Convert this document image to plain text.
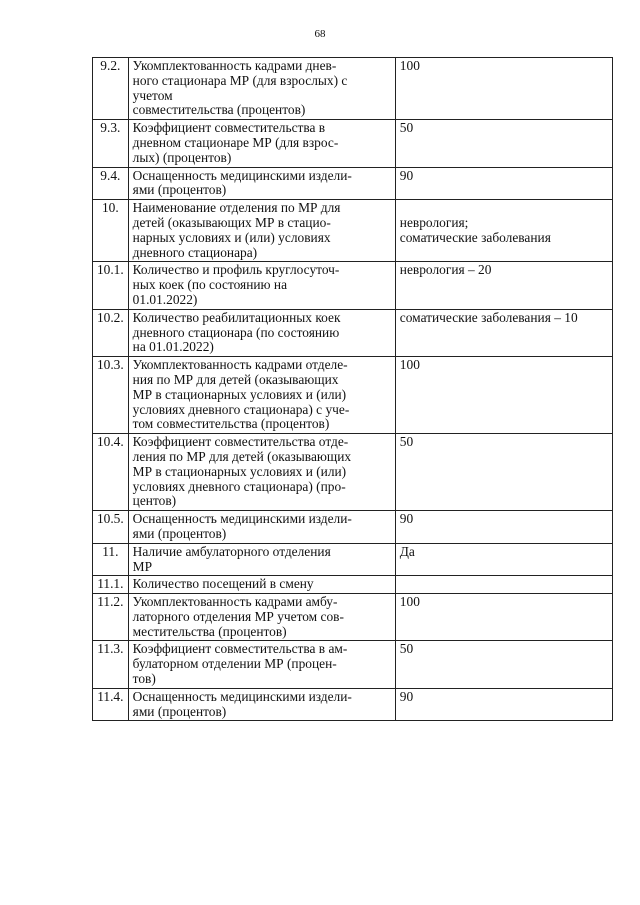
68
9.2.	Укомплектованность кадрами днев-
ного стационара МР (для взрослых) с
учетом
совместительства (процентов)	100
9.3.	Коэффициент совместительства в
дневном стационаре МР (для взрос-
лых) (процентов)	50
9.4.	Оснащенность медицинскими издели-
ями (процентов)	90
10.	Наименование отделения по МР для
детей (оказывающих МР в стацио-
нарных условиях и (или) условиях
дневного стационара)	неврология;
соматические заболевания
10.1.	Количество и профиль круглосуточ-
ных коек (по состоянию на
01.01.2022)	неврология – 20
10.2.	Количество реабилитационных коек
дневного стационара (по состоянию
на 01.01.2022)	соматические заболевания – 10
10.3.	Укомплектованность кадрами отделе-
ния по МР для детей (оказывающих
МР в стационарных условиях и (или)
условиях дневного стационара) с уче-
том совместительства (процентов)	100
10.4.	Коэффициент совместительства отде-
ления по МР для детей (оказывающих
МР в стационарных условиях и (или)
условиях дневного стационара) (про-
центов)	50
10.5.	Оснащенность медицинскими издели-
ями (процентов)	90
11.	Наличие амбулаторного отделения
МР	Да
11.1.	Количество посещений в смену	
11.2.	Укомплектованность кадрами амбу-
латорного отделения МР учетом сов-
местительства (процентов)	100
11.3.	Коэффициент совместительства в ам-
булаторном отделении МР (процен-
тов)	50
11.4.	Оснащенность медицинскими издели-
ями (процентов)	90
